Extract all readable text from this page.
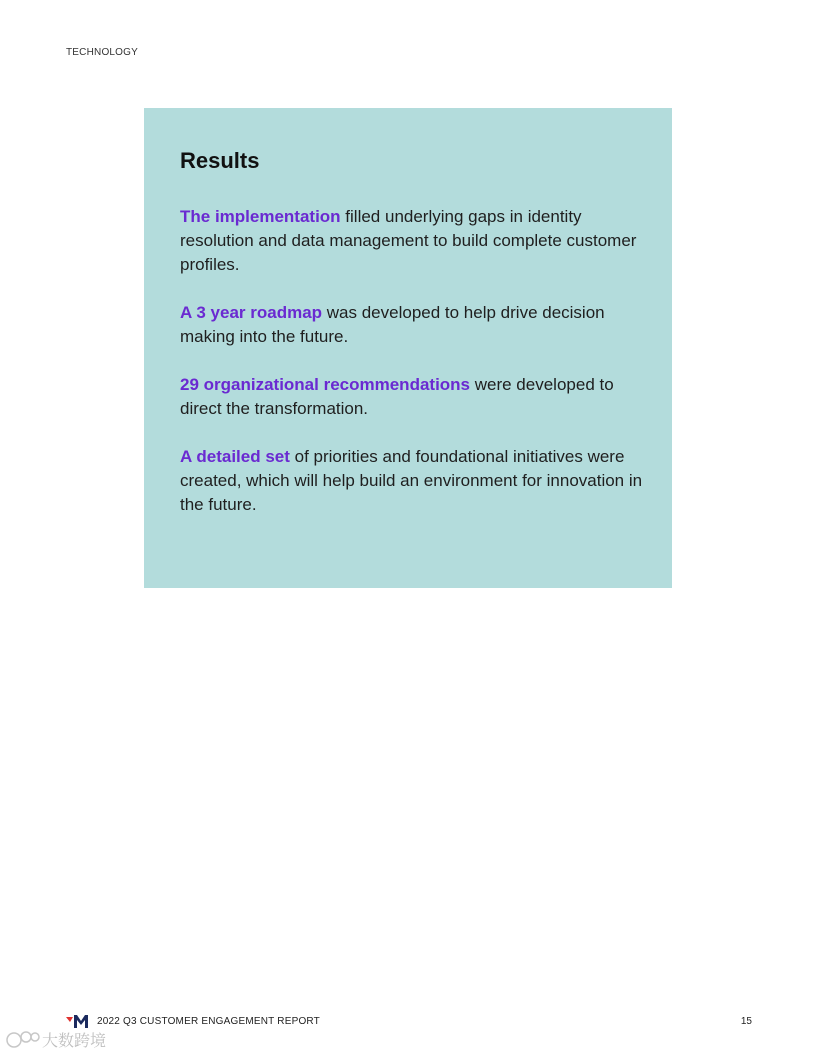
TECHNOLOGY
Results

The implementation filled underlying gaps in identity resolution and data management to build complete customer profiles.

A 3 year roadmap was developed to help drive decision making into the future.

29 organizational recommendations were developed to direct the transformation.

A detailed set of priorities and foundational initiatives were created, which will help build an environment for innovation in the future.

2022 Q3 CUSTOMER ENGAGEMENT REPORT	15
大数跨境
